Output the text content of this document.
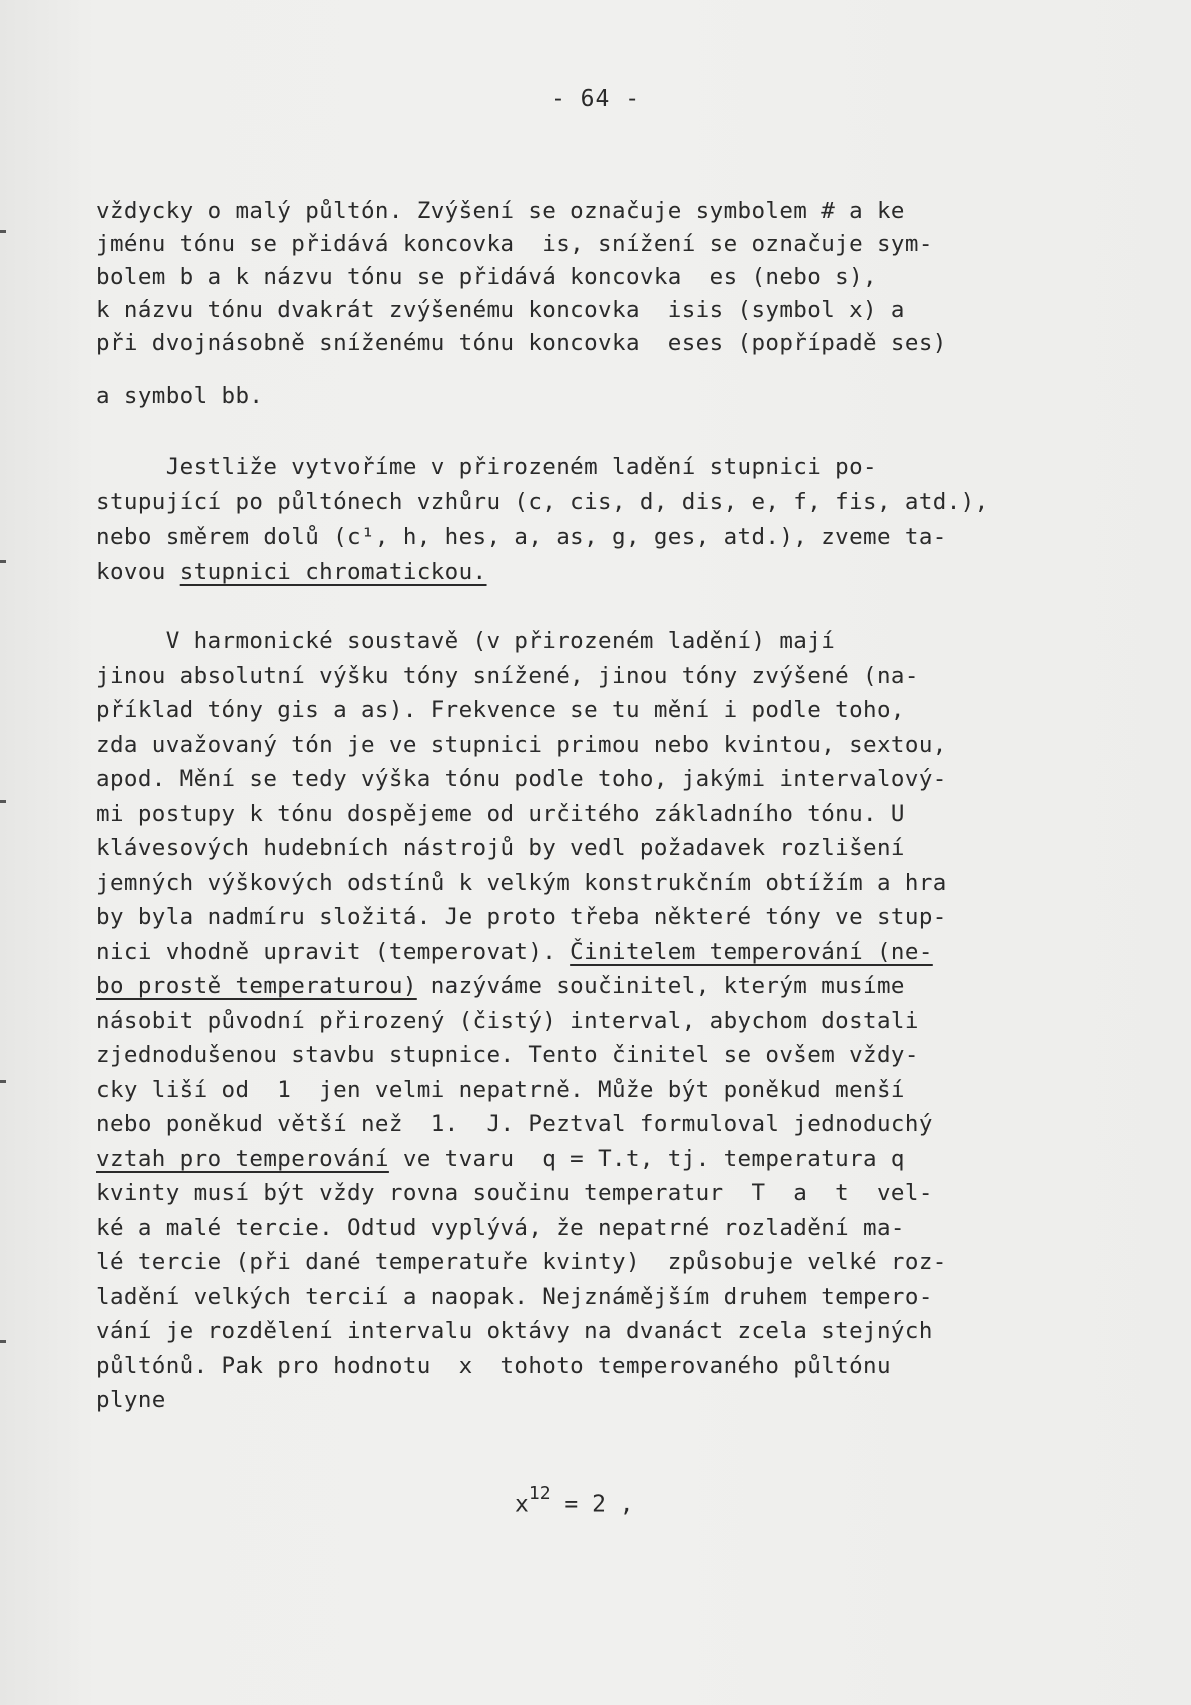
- 64 -
vždycky o malý půltón. Zvýšení se označuje symbolem # a ke
jménu tónu se přidává koncovka  is, snížení se označuje sym-
bolem b a k názvu tónu se přidává koncovka  es (nebo s),
k názvu tónu dvakrát zvýšenému koncovka  isis (symbol x) a
při dvojnásobně sníženému tónu koncovka  eses (popřípadě ses)
a symbol bb.
Jestliže vytvoříme v přirozeném ladění stupnici po-
stupující po půltónech vzhůru (c, cis, d, dis, e, f, fis, atd.),
nebo směrem dolů (c¹, h, hes, a, as, g, ges, atd.), zveme ta-
kovou stupnici chromatickou.
V harmonické soustavě (v přirozeném ladění) mají
jinou absolutní výšku tóny snížené, jinou tóny zvýšené (na-
příklad tóny gis a as). Frekvence se tu mění i podle toho,
zda uvažovaný tón je ve stupnici primou nebo kvintou, sextou,
apod. Mění se tedy výška tónu podle toho, jakými intervalový-
mi postupy k tónu dospějeme od určitého základního tónu. U
klávesových hudebních nástrojů by vedl požadavek rozlišení
jemných výškových odstínů k velkým konstrukčním obtížím a hra
by byla nadmíru složitá. Je proto třeba některé tóny ve stup-
nici vhodně upravit (temperovat). Činitelem temperování (ne-
bo prostě temperaturou) nazýváme součinitel, kterým musíme
násobit původní přirozený (čistý) interval, abychom dostali
zjednodušenou stavbu stupnice. Tento činitel se ovšem vždy-
cky liší od  1  jen velmi nepatrně. Může být poněkud menší
nebo poněkud větší než  1.  J. Peztval formuloval jednoduchý
vztah pro temperování ve tvaru  q = T.t, tj. temperatura q
kvinty musí být vždy rovna součinu temperatur  T  a  t  vel-
ké a malé tercie. Odtud vyplývá, že nepatrné rozladění ma-
lé tercie (při dané temperatuře kvinty)  způsobuje velké roz-
ladění velkých tercií a naopak. Nejznámějším druhem tempero-
vání je rozdělení intervalu oktávy na dvanáct zcela stejných
půltónů. Pak pro hodnotu  x  tohoto temperovaného půltónu
plyne
$x^{12} = 2$ ,
